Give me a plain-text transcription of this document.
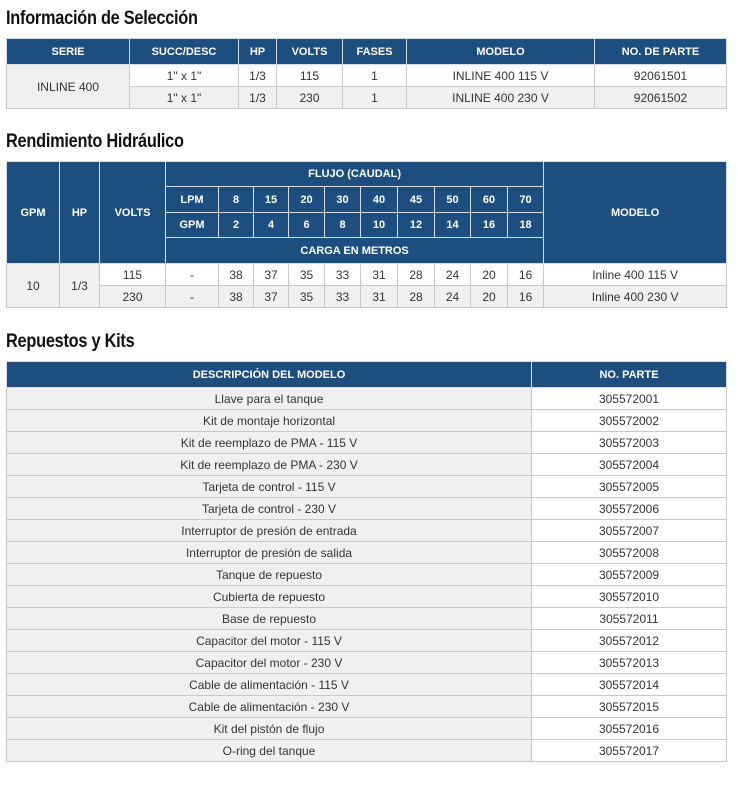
Información de Selección
SERIE	SUCC/DESC	HP	VOLTS	FASES	MODELO	NO. DE PARTE
INLINE 400	1" x 1"	1/3	115	1	INLINE 400 115 V	92061501
	1" x 1"	1/3	230	1	INLINE 400 230 V	92061502
Rendimiento Hidráulico
GPM	HP	VOLTS	FLUJO (CAUDAL)										MODELO
			LPM	8	15	20	30	40	45	50	60	70	
			GPM	2	4	6	8	10	12	14	16	18	
			CARGA EN METROS										
10	1/3	115	-	38	37	35	33	31	28	24	20	16	Inline 400 115 V
		230	-	38	37	35	33	31	28	24	20	16	Inline 400 230 V
Repuestos y Kits
DESCRIPCIÓN DEL MODELO	NO. PARTE
Llave para el tanque	305572001
Kit de montaje horizontal	305572002
Kit de reemplazo de PMA - 115 V	305572003
Kit de reemplazo de PMA - 230 V	305572004
Tarjeta de control - 115 V	305572005
Tarjeta de control - 230 V	305572006
Interruptor de presión de entrada	305572007
Interruptor de presión de salida	305572008
Tanque de repuesto	305572009
Cubierta de repuesto	305572010
Base de repuesto	305572011
Capacitor del motor - 115 V	305572012
Capacitor del motor - 230 V	305572013
Cable de alimentación - 115 V	305572014
Cable de alimentación - 230 V	305572015
Kit del pistón de flujo	305572016
O-ring del tanque	305572017
